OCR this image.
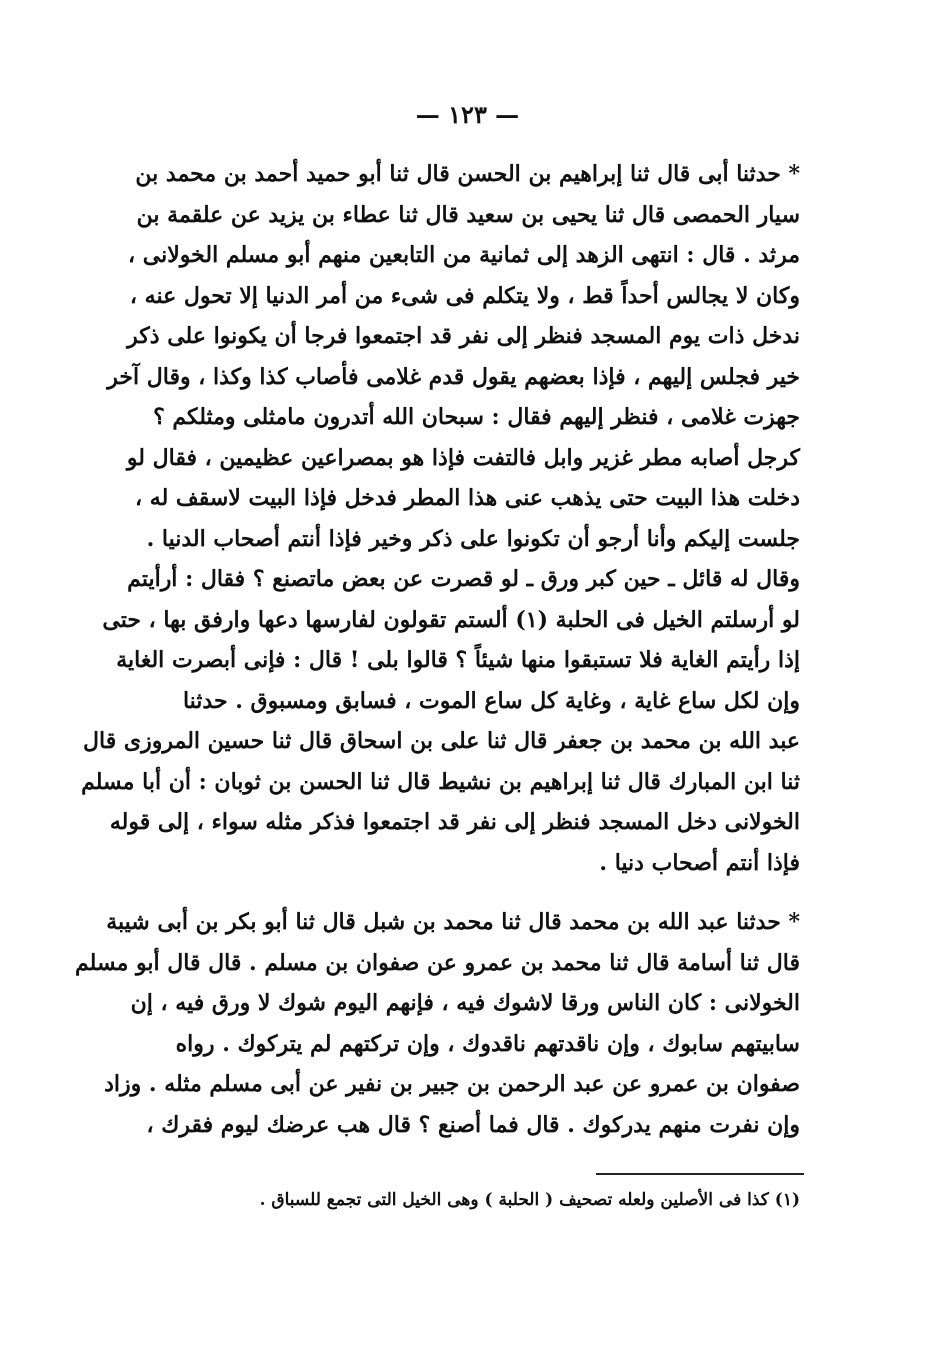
— ١٢٣ —
* حدثنا أبى قال ثنا إبراهيم بن الحسن قال ثنا أبو حميد أحمد بن محمد بن
سيار الحمصى قال ثنا يحيى بن سعيد قال ثنا عطاء بن يزيد عن علقمة بن
مرثد . قال : انتهى الزهد إلى ثمانية من التابعين منهم أبو مسلم الخولانى ،
وكان لا يجالس أحداً قط ، ولا يتكلم فى شىء من أمر الدنيا إلا تحول عنه ،
ندخل ذات يوم المسجد فنظر إلى نفر قد اجتمعوا فرجا أن يكونوا على ذكر
خير فجلس إليهم ، فإذا بعضهم يقول قدم غلامى فأصاب كذا وكذا ، وقال آخر
جهزت غلامى ، فنظر إليهم فقال : سبحان الله أتدرون مامثلى ومثلكم ؟
كرجل أصابه مطر غزير وابل فالتفت فإذا هو بمصراعين عظيمين ، فقال لو
دخلت هذا البيت حتى يذهب عنى هذا المطر فدخل فإذا البيت لاسقف له ،
جلست إليكم وأنا أرجو أن تكونوا على ذكر وخير فإذا أنتم أصحاب الدنيا .
وقال له قائل ـ حين كبر ورق ـ لو قصرت عن بعض ماتصنع ؟ فقال : أرأيتم
لو أرسلتم الخيل فى الحلبة (١) ألستم تقولون لفارسها دعها وارفق بها ، حتى
إذا رأيتم الغاية فلا تستبقوا منها شيئاً ؟ قالوا بلى ! قال : فإنى أبصرت الغاية
وإن لكل ساع غاية ، وغاية كل ساع الموت ، فسابق ومسبوق . حدثنا
عبد الله بن محمد بن جعفر قال ثنا على بن اسحاق قال ثنا حسين المروزى قال
ثنا ابن المبارك قال ثنا إبراهيم بن نشيط قال ثنا الحسن بن ثوبان : أن أبا مسلم
الخولانى دخل المسجد فنظر إلى نفر قد اجتمعوا فذكر مثله سواء ، إلى قوله
فإذا أنتم أصحاب دنيا .
* حدثنا عبد الله بن محمد قال ثنا محمد بن شبل قال ثنا أبو بكر بن أبى شيبة
قال ثنا أسامة قال ثنا محمد بن عمرو عن صفوان بن مسلم . قال قال أبو مسلم
الخولانى : كان الناس ورقا لاشوك فيه ، فإنهم اليوم شوك لا ورق فيه ، إن
سابيتهم سابوك ، وإن ناقدتهم ناقدوك ، وإن تركتهم لم يتركوك . رواه
صفوان بن عمرو عن عبد الرحمن بن جبير بن نفير عن أبى مسلم مثله . وزاد
وإن نفرت منهم يدركوك . قال فما أصنع ؟ قال هب عرضك ليوم فقرك ،
(١) كذا فى الأصلين ولعله تصحيف ( الحلبة ) وهى الخيل التى تجمع للسباق .
